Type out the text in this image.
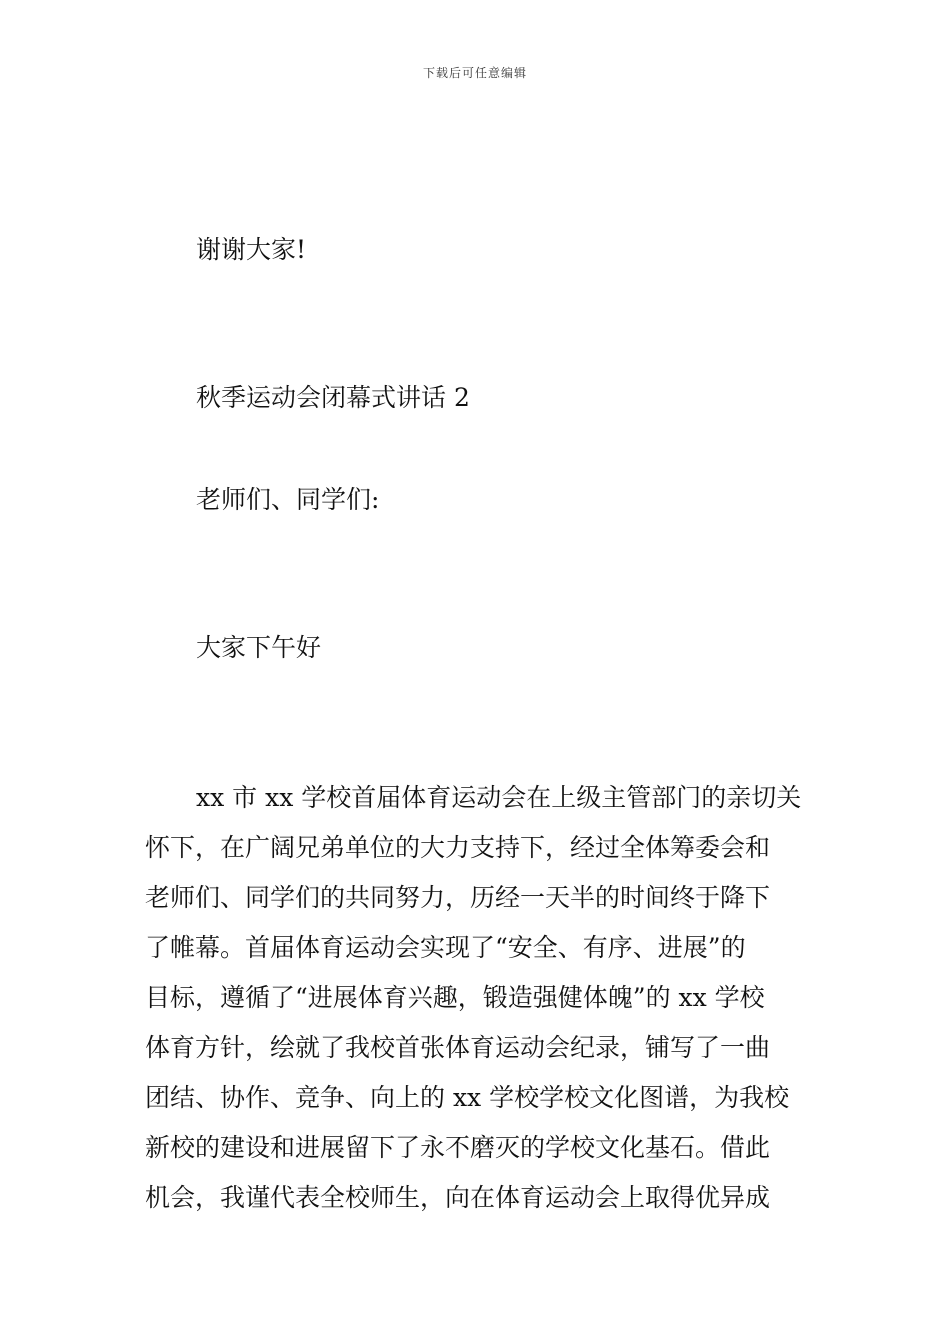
下载后可任意编辑
谢谢大家!
秋季运动会闭幕式讲话 2
老师们、同学们:
大家下午好
xx 市 xx 学校首届体育运动会在上级主管部门的亲切关
怀下，在广阔兄弟单位的大力支持下，经过全体筹委会和
老师们、同学们的共同努力，历经一天半的时间终于降下
了帷幕。首届体育运动会实现了“安全、有序、进展”的
目标，遵循了“进展体育兴趣，锻造强健体魄”的 xx 学校
体育方针，绘就了我校首张体育运动会纪录，铺写了一曲
团结、协作、竞争、向上的 xx 学校学校文化图谱，为我校
新校的建设和进展留下了永不磨灭的学校文化基石。借此
机会，我谨代表全校师生，向在体育运动会上取得优异成
